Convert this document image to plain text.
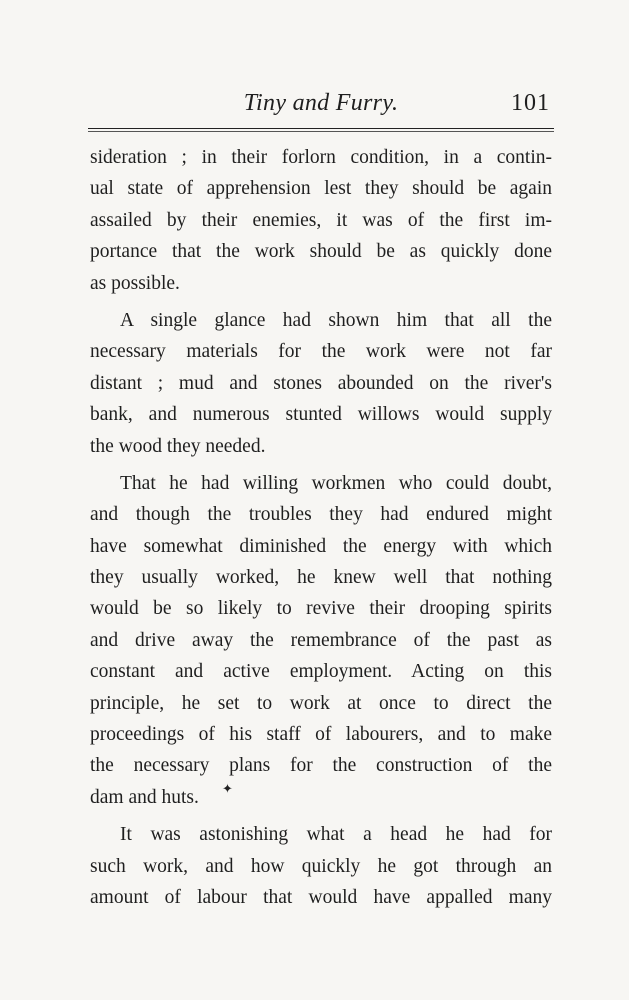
Tiny and Furry.	101
sideration ; in their forlorn condition, in a contin-
ual state of apprehension lest they should be again
assailed by their enemies, it was of the first im-
portance that the work should be as quickly done
as possible.
A single glance had shown him that all the
necessary materials for the work were not far
distant ; mud and stones abounded on the river's
bank, and numerous stunted willows would supply
the wood they needed.
That he had willing workmen who could doubt,
and though the troubles they had endured might
have somewhat diminished the energy with which
they usually worked, he knew well that nothing
would be so likely to revive their drooping spirits
and drive away the remembrance of the past as
constant and active employment. Acting on this
principle, he set to work at once to direct the
proceedings of his staff of labourers, and to make
the necessary plans for the construction of the
dam and huts.
It was astonishing what a head he had for
such work, and how quickly he got through an
amount of labour that would have appalled many
✦
